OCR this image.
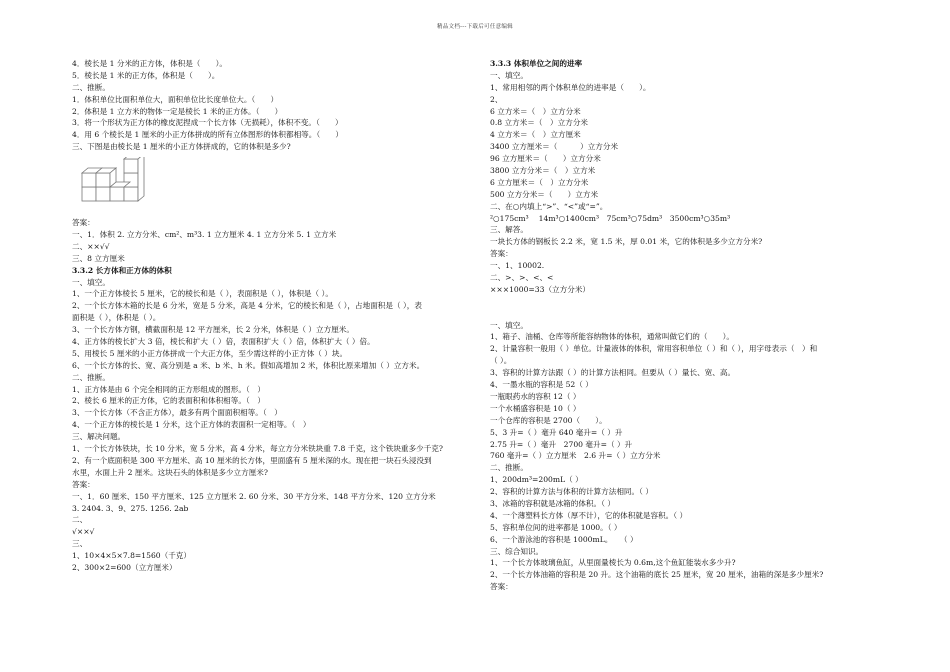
精品文档---下载后可任意编辑
4．棱长是 1 分米的正方体，体积是（　　）。
5．棱长是 1 米的正方体，体积是（　　）。
二、推断。
1．体积单位比面积单位大，面积单位比长度单位大。（　　）
2．体积是 1 立方米的物体一定是棱长 1 米的正方体。（　　）
3．将一个形状为正方体的橡皮泥捏成一个长方体（无损耗），体积不变。（　　）
4．用 6 个棱长是 1 厘米的小正方体拼成的所有立体图形的体积都相等。（　　）
三、下图是由棱长是 1 厘米的小正方体拼成的，它的体积是多少?
答案：
一、1．体积 2. 立方分米、cm²、m³3. 1 立方厘米 4. 1 立方分米 5. 1 立方米
二、××√√
三、8 立方厘米
3.3.2 长方体和正方体的体积
一、填空。
1、一个正方体棱长 5 厘米，它的棱长和是（ ），表面积是（ ），体积是（ ）。
2、一个长方体木箱的长是 6 分米，宽是 5 分米，高是 4 分米，它的棱长和是（ ），占地面积是（ ），表
面积是（ ），体积是（ ）。
3、一个长方体方钢，横截面积是 12 平方厘米，长 2 分米，体积是（ ）立方厘米。
4、正方体的棱长扩大 3 倍，棱长和扩大（ ）倍，表面积扩大（ ）倍，体积扩大（ ）倍。
5、用棱长 5 厘米的小正方体拼成一个大正方体，至少需这样的小正方体（ ）块。
6、一个长方体的长、宽、高分别是 a 米、b 米、h 米。假如高增加 2 米，体积比原来增加（ ）立方米。
二、推断。
1、正方体是由 6 个完全相同的正方形组成的图形。（　）
2、棱长 6 厘米的正方体，它的表面积和体积相等。（　）
3、一个长方体（不含正方体），最多有两个面面积相等。（　）
4、一个正方体的棱长是 1 分米，这个正方体的表面积一定相等。（　）
三、解决问题。
1、一个长方体铁块，长 10 分米，宽 5 分米，高 4 分米，每立方分米铁块重 7.8 千克，这个铁块重多少千克?
2、有一个底面积是 300 平方厘米、高 10 厘米的长方体，里面盛有 5 厘米深的水。现在把一块石头浸没到
水里，水面上升 2 厘米。这块石头的体积是多少立方厘米?
答案：
一、1．60 厘米、150 平方厘米、125 立方厘米 2. 60 分米、30 平方分米、148 平方分米、120 立方分米
3. 2404. 3、9、275. 1256. 2ab
二、
√××√
三、
1、10×4×5×7.8=1560（千克）
2、300×2=600（立方厘米）
3.3.3 体积单位之间的进率
一、填空。
1、常用相邻的两个体积单位的进率是（　　）。
2、
6 立方米＝（　）立方分米
0.8 立方米＝（　）立方分米
4 立方米＝（　）立方厘米
3400 立方厘米＝（　　　）立方分米
96 立方厘米＝（　　）立方分米
3800 立方分米＝（　）立方米
6 立方厘米＝（　）立方分米
500 立方分米＝（　　）立方米
二、在○内填上“>”、“<”或“=”。
²○175cm³　 14m³○1400cm³　75cm³○75dm³　3500cm³○35m³
三、解答。
一块长方体的钢板长 2.2 米，宽 1.5 米，厚 0.01 米，它的体积是多少立方分米?
答案：
一、1、10002.
二、>、>、<、<
×××1000=33（立方分米）
一、填空。
1、箱子、油桶、仓库等所能容纳物体的体积，通常叫做它们的（　　）。
2、计量容积一般用（ ）单位。计量液体的体积，常用容积单位（ ）和（ ），用字母表示（　）和
（ ）。
3、容积的计算方法跟（ ）的计算方法相同。但要从（ ）量长、宽、高。
4、一墨水瓶的容积是 52（ ）
一瓶眼药水的容积 12（ ）
一个水桶盛容积是 10（ ）
一个仓库的容积是 2700（　　）。
5、3 升=（ ）毫升 640 毫升=（ ）升
2.75 升=（ ）毫升　2700 毫升=（ ）升
760 毫升=（ ）立方厘米　2.6 升=（ ）立方分米
二、推断。
1、200dm³=200mL（ ）
2、容积的计算方法与体积的计算方法相同。（ ）
3、冰箱的容积就是冰箱的体积。（ ）
4、一个薄塑料长方体（厚不计），它的体积就是容积。（ ）
5、容积单位间的进率都是 1000。（ ）
6、一个游泳池的容积是 1000mL。　　（ ）
三、综合知识。
1、一个长方体玻璃鱼缸，从里面量棱长为 0.6m,这个鱼缸能装水多少升?
2、一个长方体油箱的容积是 20 升。这个油箱的底长 25 厘米，宽 20 厘米，油箱的深是多少厘米?
答案：
